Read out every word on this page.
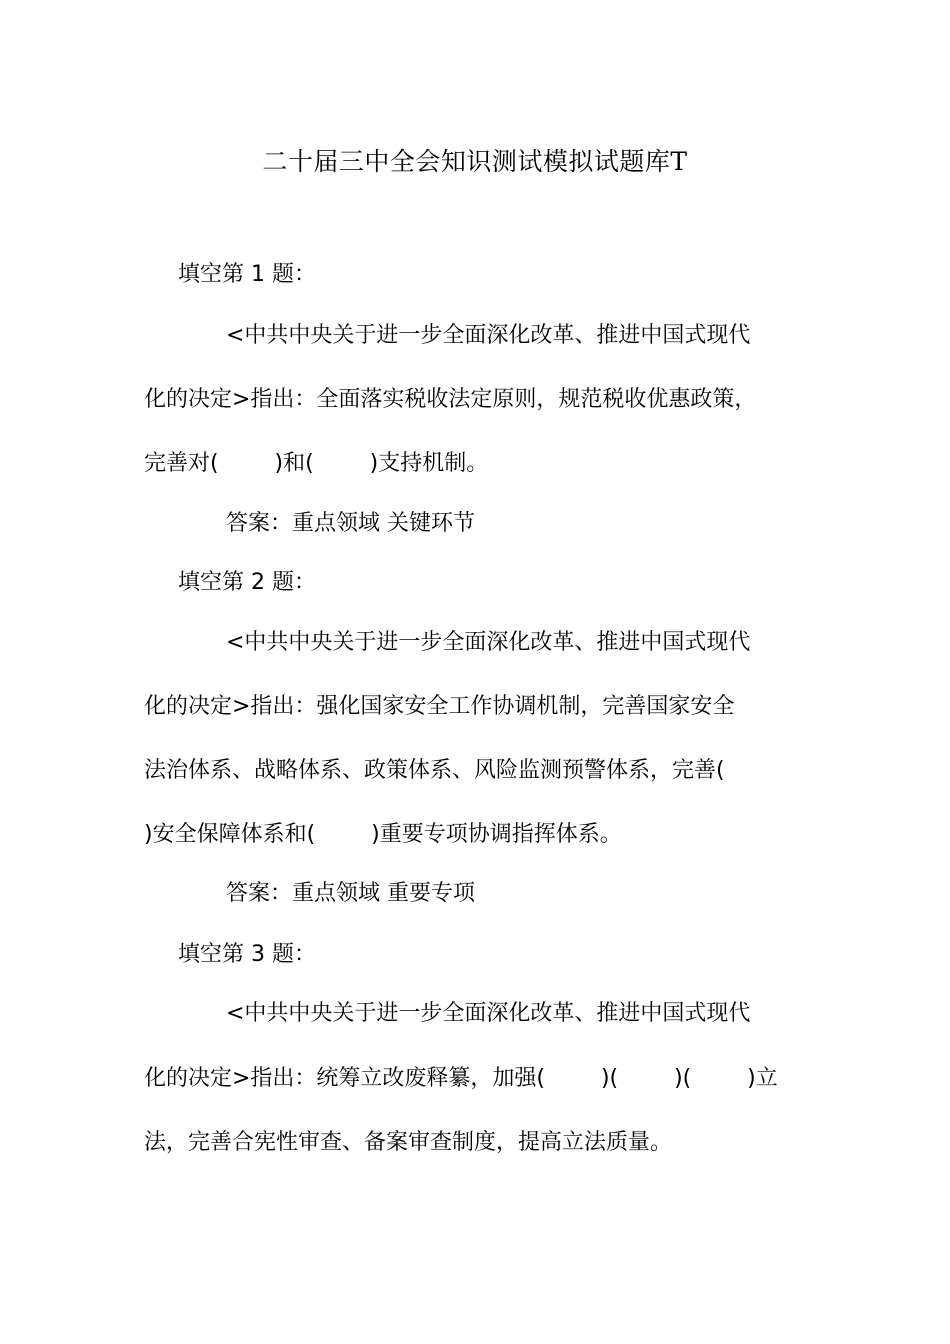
二十届三中全会知识测试模拟试题库T
填空第 1 题：
<中共中央关于进一步全面深化改革、推进中国式现代
化的决定>指出：全面落实税收法定原则，规范税收优惠政策，
完善对(        )和(        )支持机制。
答案：重点领域 关键环节
填空第 2 题：
<中共中央关于进一步全面深化改革、推进中国式现代
化的决定>指出：强化国家安全工作协调机制，完善国家安全
法治体系、战略体系、政策体系、风险监测预警体系，完善(
)安全保障体系和(        )重要专项协调指挥体系。
答案：重点领域 重要专项
填空第 3 题：
<中共中央关于进一步全面深化改革、推进中国式现代
化的决定>指出：统筹立改废释纂，加强(        )(        )(        )立
法，完善合宪性审查、备案审查制度，提高立法质量。
